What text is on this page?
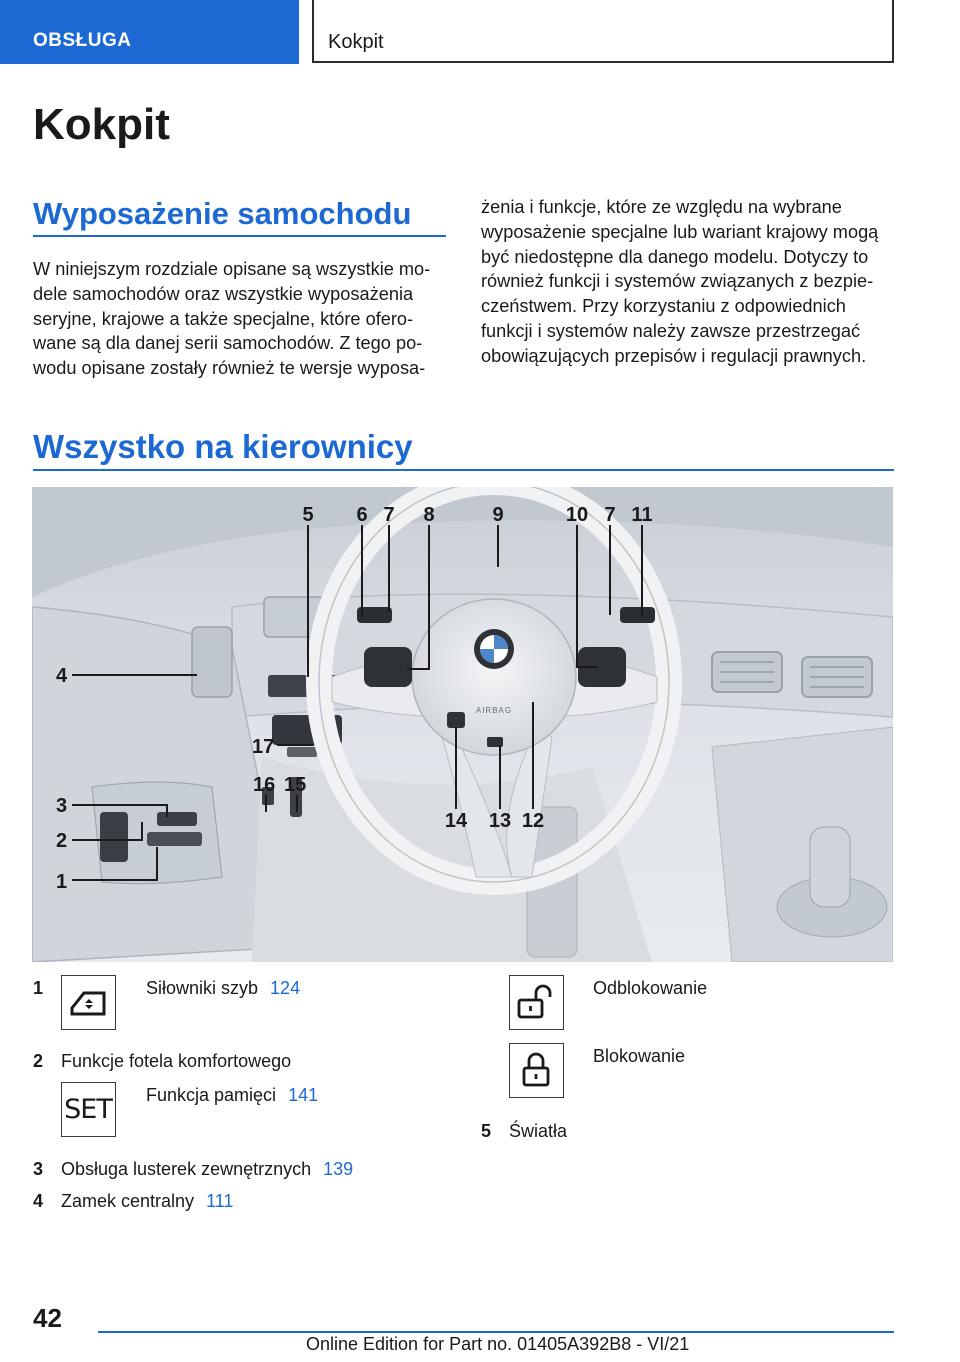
OBSŁUGA	Kokpit
Kokpit
Wyposażenie samochodu
W niniejszym rozdziale opisane są wszystkie mo-
dele samochodów oraz wszystkie wyposażenia
seryjne, krajowe a także specjalne, które ofero-
wane są dla danej serii samochodów. Z tego po-
wodu opisane zostały również te wersje wyposa-
żenia i funkcje, które ze względu na wybrane
wyposażenie specjalne lub wariant krajowy mogą
być niedostępne dla danego modelu. Dotyczy to
również funkcji i systemów związanych z bezpie-
czeństwem. Przy korzystaniu z odpowiednich
funkcji i systemów należy zawsze przestrzegać
obowiązujących przepisów i regulacji prawnych.
Wszystko na kierownicy
AIRBAG
5 6 7 8	9	10 7 11
4
17
16 15
3
2
1
14 13 12
1	Siłowniki szyb 124
2 Funkcje fotela komfortowego
SET Funkcja pamięci 141
3 Obsługa lusterek zewnętrznych 139
4 Zamek centralny 111
Odblokowanie
Blokowanie
5 Światła
42
Online Edition for Part no. 01405A392B8 - VI/21
